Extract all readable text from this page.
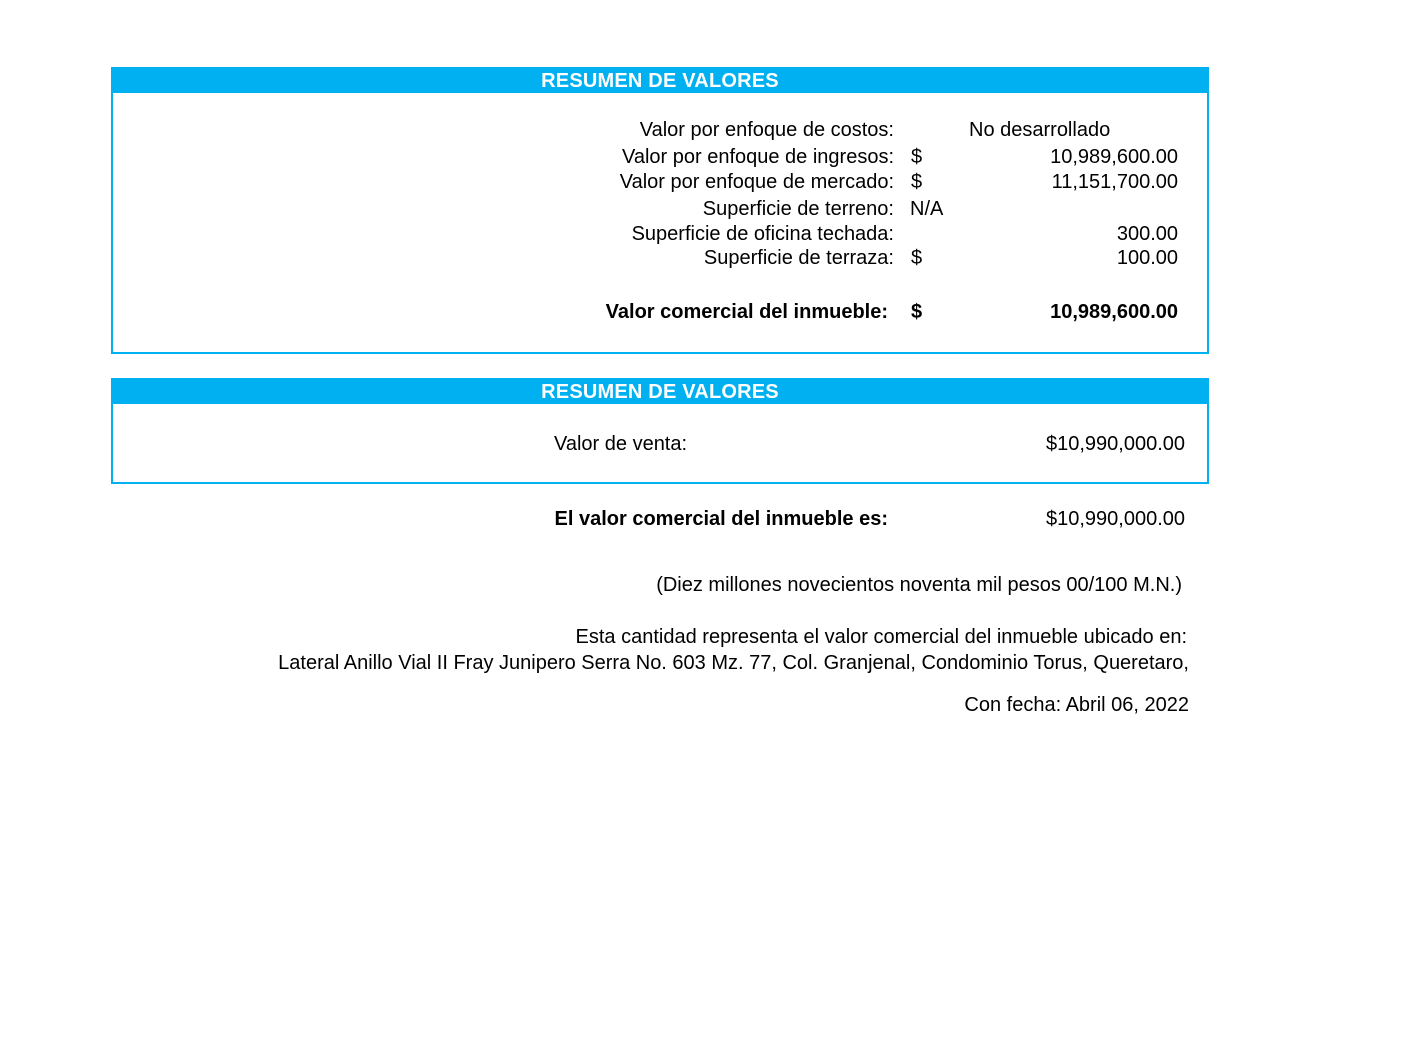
RESUMEN DE VALORES
Valor por enfoque de costos:	No desarrollado
Valor por enfoque de ingresos: $	10,989,600.00
Valor por enfoque de mercado: $	11,151,700.00
Superficie de terreno: N/A
Superficie de oficina techada:	300.00
Superficie de terraza: $	100.00
Valor comercial del inmueble: $	10,989,600.00
RESUMEN DE VALORES
Valor de venta:	$10,990,000.00
El valor comercial del inmueble es:	$10,990,000.00
(Diez millones novecientos noventa mil pesos 00/100 M.N.)
Esta cantidad representa el valor comercial del inmueble ubicado en:
Lateral Anillo Vial II Fray Junipero Serra No. 603 Mz. 77, Col. Granjenal, Condominio Torus, Queretaro,
Con fecha: Abril 06, 2022
